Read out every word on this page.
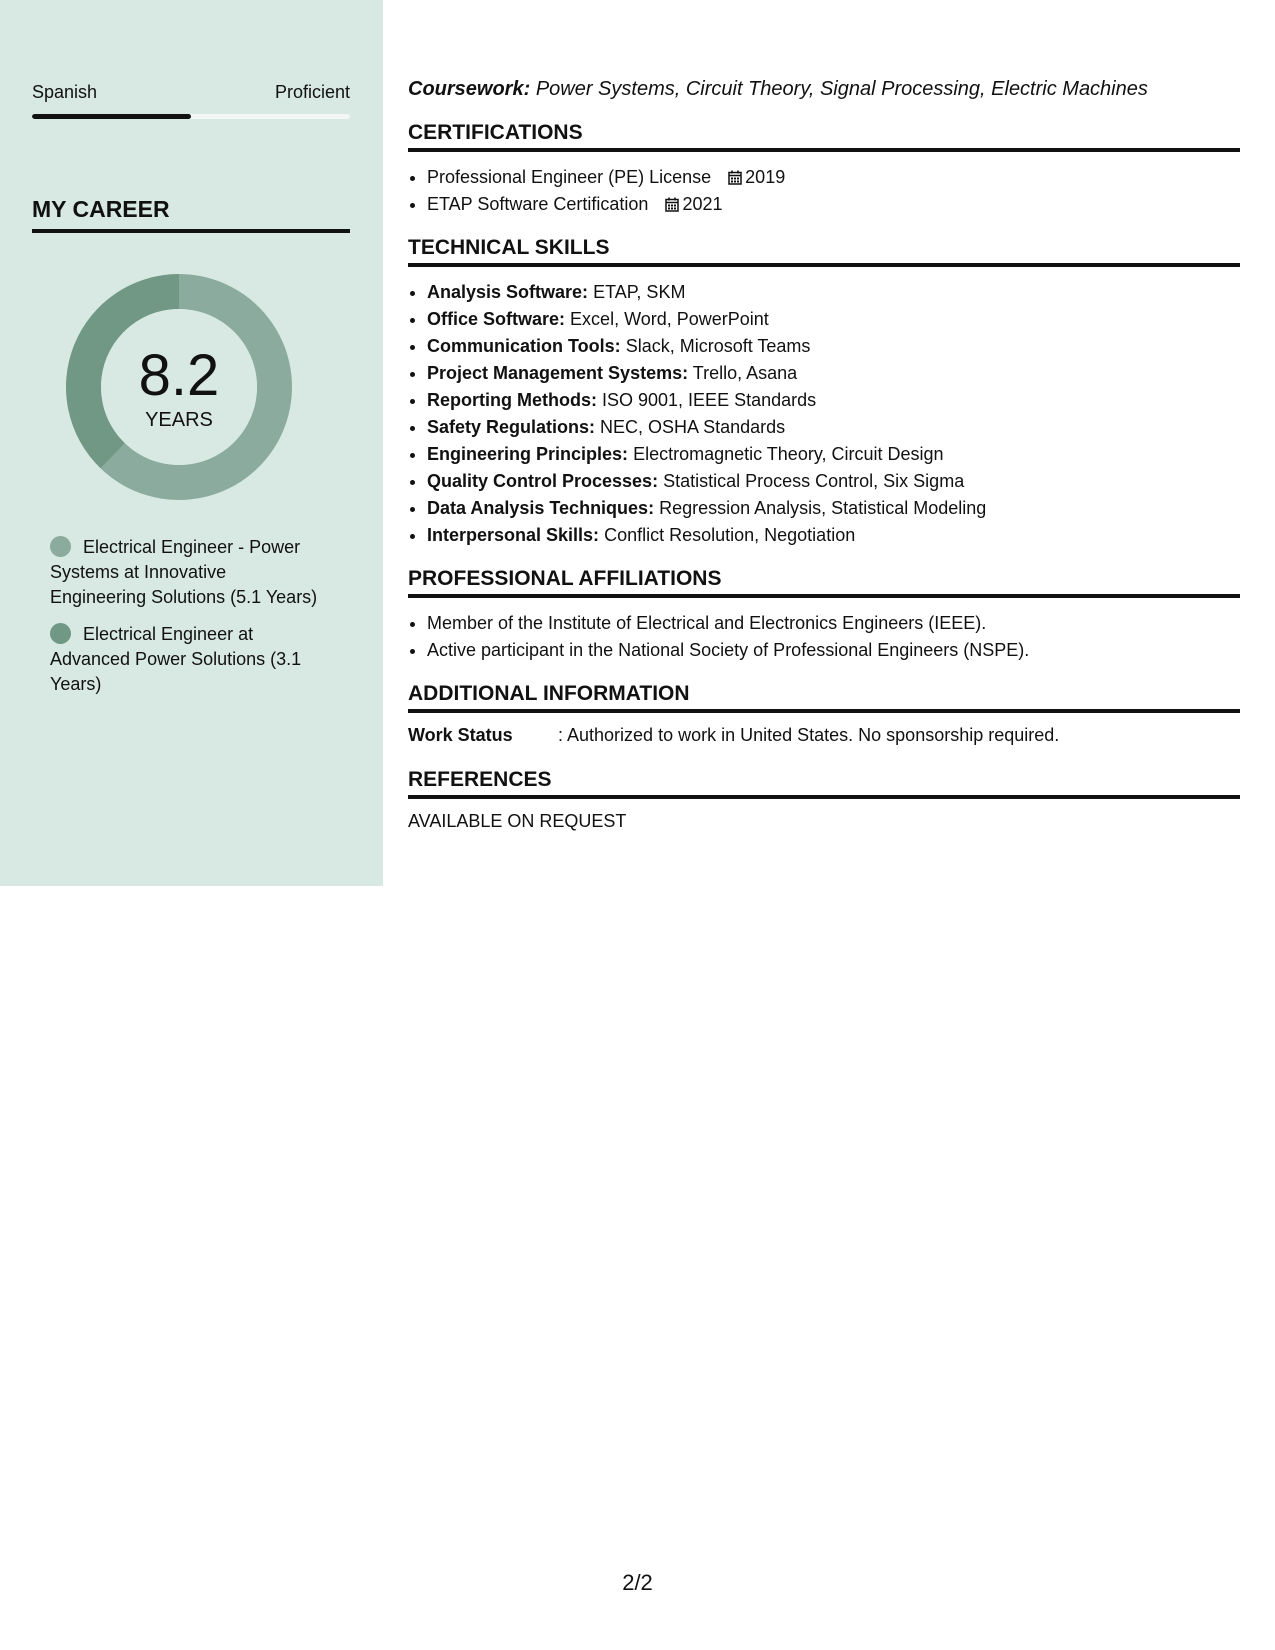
Spanish	Proficient
MY CAREER
8.2
YEARS
Electrical Engineer - Power Systems at Innovative Engineering Solutions (5.1 Years)
Electrical Engineer at Advanced Power Solutions (3.1 Years)

Coursework: Power Systems, Circuit Theory, Signal Processing, Electric Machines

CERTIFICATIONS
• Professional Engineer (PE) License 2019
• ETAP Software Certification 2021
TECHNICAL SKILLS
• Analysis Software: ETAP, SKM
• Office Software: Excel, Word, PowerPoint
• Communication Tools: Slack, Microsoft Teams
• Project Management Systems: Trello, Asana
• Reporting Methods: ISO 9001, IEEE Standards
• Safety Regulations: NEC, OSHA Standards
• Engineering Principles: Electromagnetic Theory, Circuit Design
• Quality Control Processes: Statistical Process Control, Six Sigma
• Data Analysis Techniques: Regression Analysis, Statistical Modeling
• Interpersonal Skills: Conflict Resolution, Negotiation
PROFESSIONAL AFFILIATIONS
• Member of the Institute of Electrical and Electronics Engineers (IEEE).
• Active participant in the National Society of Professional Engineers (NSPE).
ADDITIONAL INFORMATION
Work Status	: Authorized to work in United States. No sponsorship required.
REFERENCES

AVAILABLE ON REQUEST

2/2
